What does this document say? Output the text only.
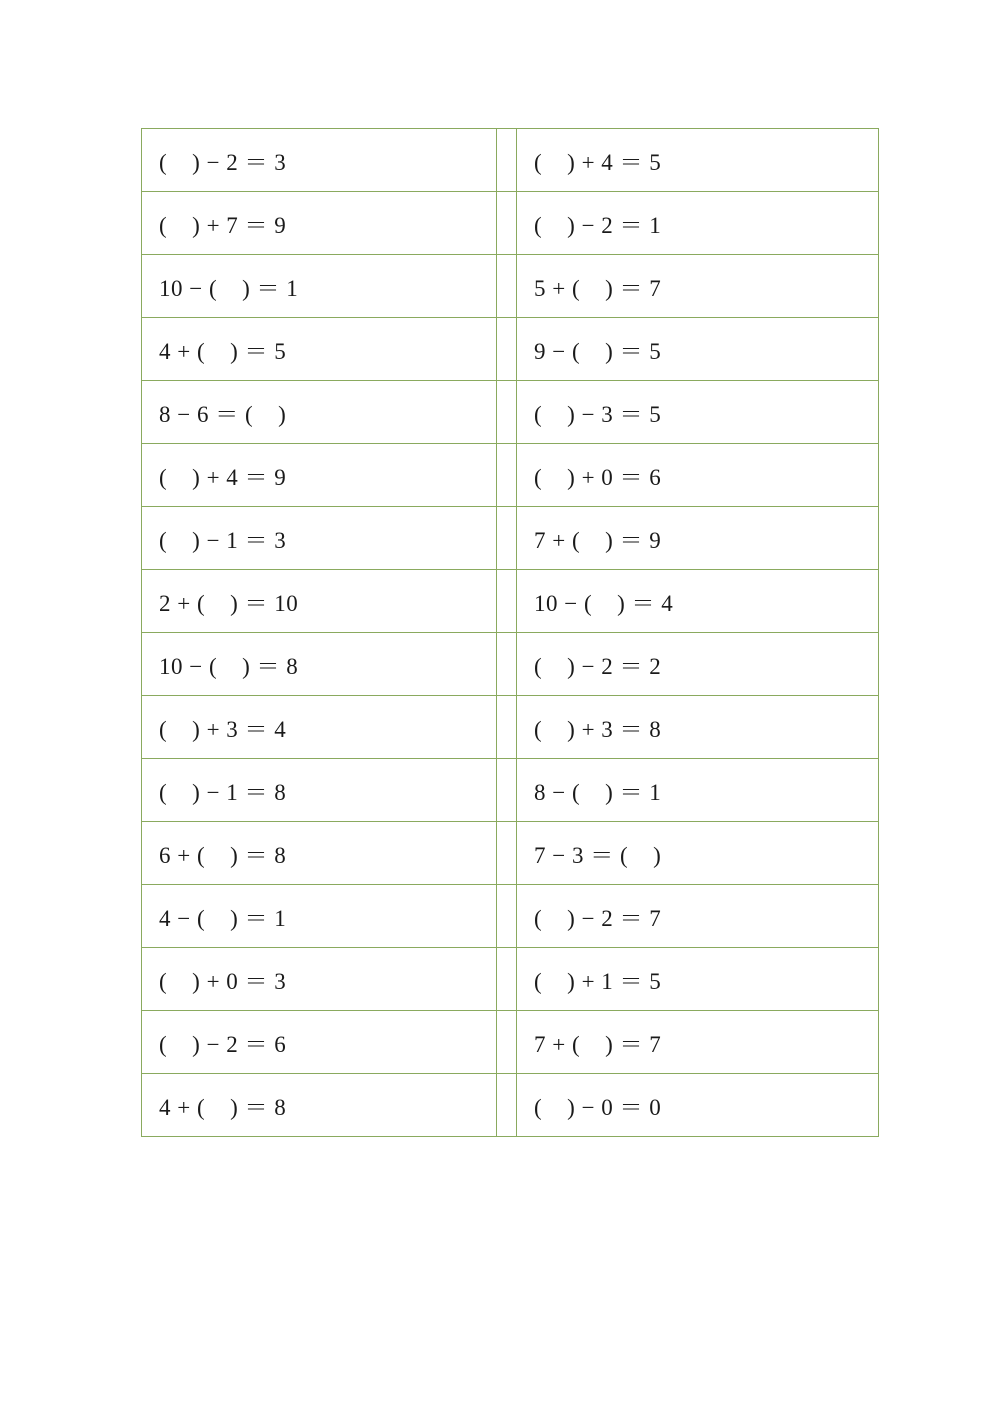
(    ) − 2 ＝ 3		(    ) + 4 ＝ 5
(    ) + 7 ＝ 9		(    ) − 2 ＝ 1
10 − (    ) ＝ 1		5 + (    ) ＝ 7
4 + (    ) ＝ 5		9 − (    ) ＝ 5
8 − 6 ＝ (    )		(    ) − 3 ＝ 5
(    ) + 4 ＝ 9		(    ) + 0 ＝ 6
(    ) − 1 ＝ 3		7 + (    ) ＝ 9
2 + (    ) ＝ 10		10 − (    ) ＝ 4
10 − (    ) ＝ 8		(    ) − 2 ＝ 2
(    ) + 3 ＝ 4		(    ) + 3 ＝ 8
(    ) − 1 ＝ 8		8 − (    ) ＝ 1
6 + (    ) ＝ 8		7 − 3 ＝ (    )
4 − (    ) ＝ 1		(    ) − 2 ＝ 7
(    ) + 0 ＝ 3		(    ) + 1 ＝ 5
(    ) − 2 ＝ 6		7 + (    ) ＝ 7
4 + (    ) ＝ 8		(    ) − 0 ＝ 0
